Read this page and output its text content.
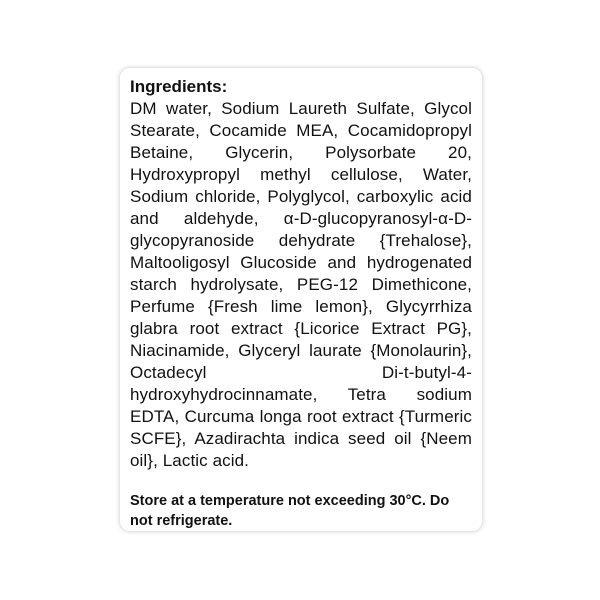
Ingredients:

DM water, Sodium Laureth Sulfate, Glycol Stearate, Cocamide MEA, Cocamidopropyl Betaine, Glycerin, Polysorbate 20, Hydroxypropyl methyl cellulose, Water, Sodium chloride, Polyglycol, carboxylic acid and aldehyde, α-D-glucopyranosyl-α-D-glycopyranoside dehydrate {Trehalose}, Maltooligosyl Glucoside and hydrogenated starch hydrolysate, PEG-12 Dimethicone, Perfume {Fresh lime lemon}, Glycyrrhiza glabra root extract {Licorice Extract PG}, Niacinamide, Glyceryl laurate {Monolaurin}, Octadecyl Di-t-butyl-4-hydroxyhydrocinnamate, Tetra sodium EDTA, Curcuma longa root extract {Turmeric SCFE}, Azadirachta indica seed oil {Neem oil}, Lactic acid.

Store at a temperature not exceeding 30°C. Do not refrigerate.
